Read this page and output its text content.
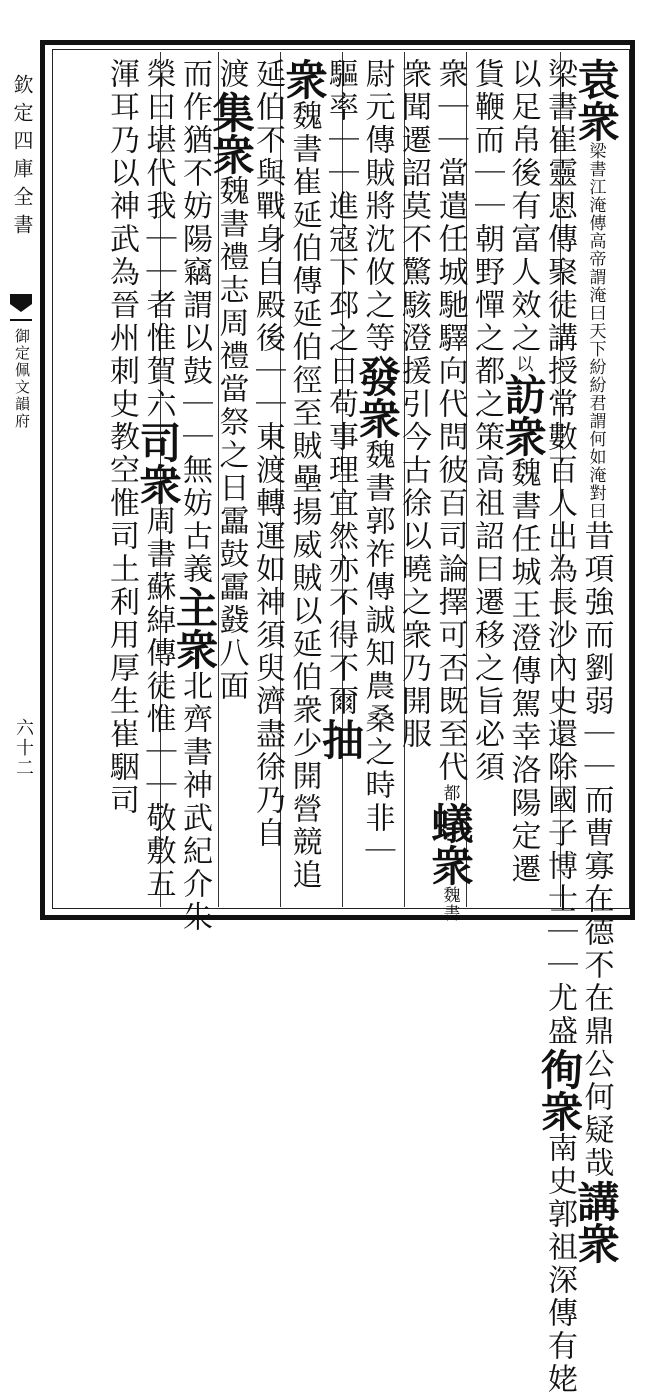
欽定四庫全書
御定佩文韻府
六十二
袁衆梁書江淹傳高帝謂淹曰天下紛紛君謂何如淹對曰昔項強而劉弱｜｜而曹寡在德不在鼎公何疑哉講衆
梁書崔靈恩傳聚徒講授常數百人出為長沙內史還除國子博士｜｜尤盛徇衆南史郭祖深傳有姥
以足帛後有富人效之以訪衆魏書任城王澄傳駕幸洛陽定遷
貨鞭而｜｜朝野憚之都之策高祖詔曰遷移之旨必須
衆｜｜當遣任城馳驛向代問彼百司論擇可否既至代都蟻衆魏書
衆聞遷詔莫不驚駭澄援引今古徐以曉之衆乃開服
尉元傳賊將沈攸之等發衆魏書郭祚傳誠知農桑之時非｜
驅率｜｜進寇下邳之日苟事理宜然亦不得不爾抽
衆魏書崔延伯傳延伯徑至賊壘揚威賊以延伯衆少開營競追
延伯不與戰身自殿後｜｜東渡轉運如神須臾濟盡徐乃自
渡集衆魏書禮志周禮當祭之日靁鼓靁鼗八面
而作猶不妨陽竊謂以鼓｜｜無妨古義主衆北齊書神武紀介朱
榮曰堪代我｜｜者惟賀六司衆周書蘇綽傳徒惟｜｜敬敷五
渾耳乃以神武為晉州刺史教空惟司土利用厚生崔駰司
